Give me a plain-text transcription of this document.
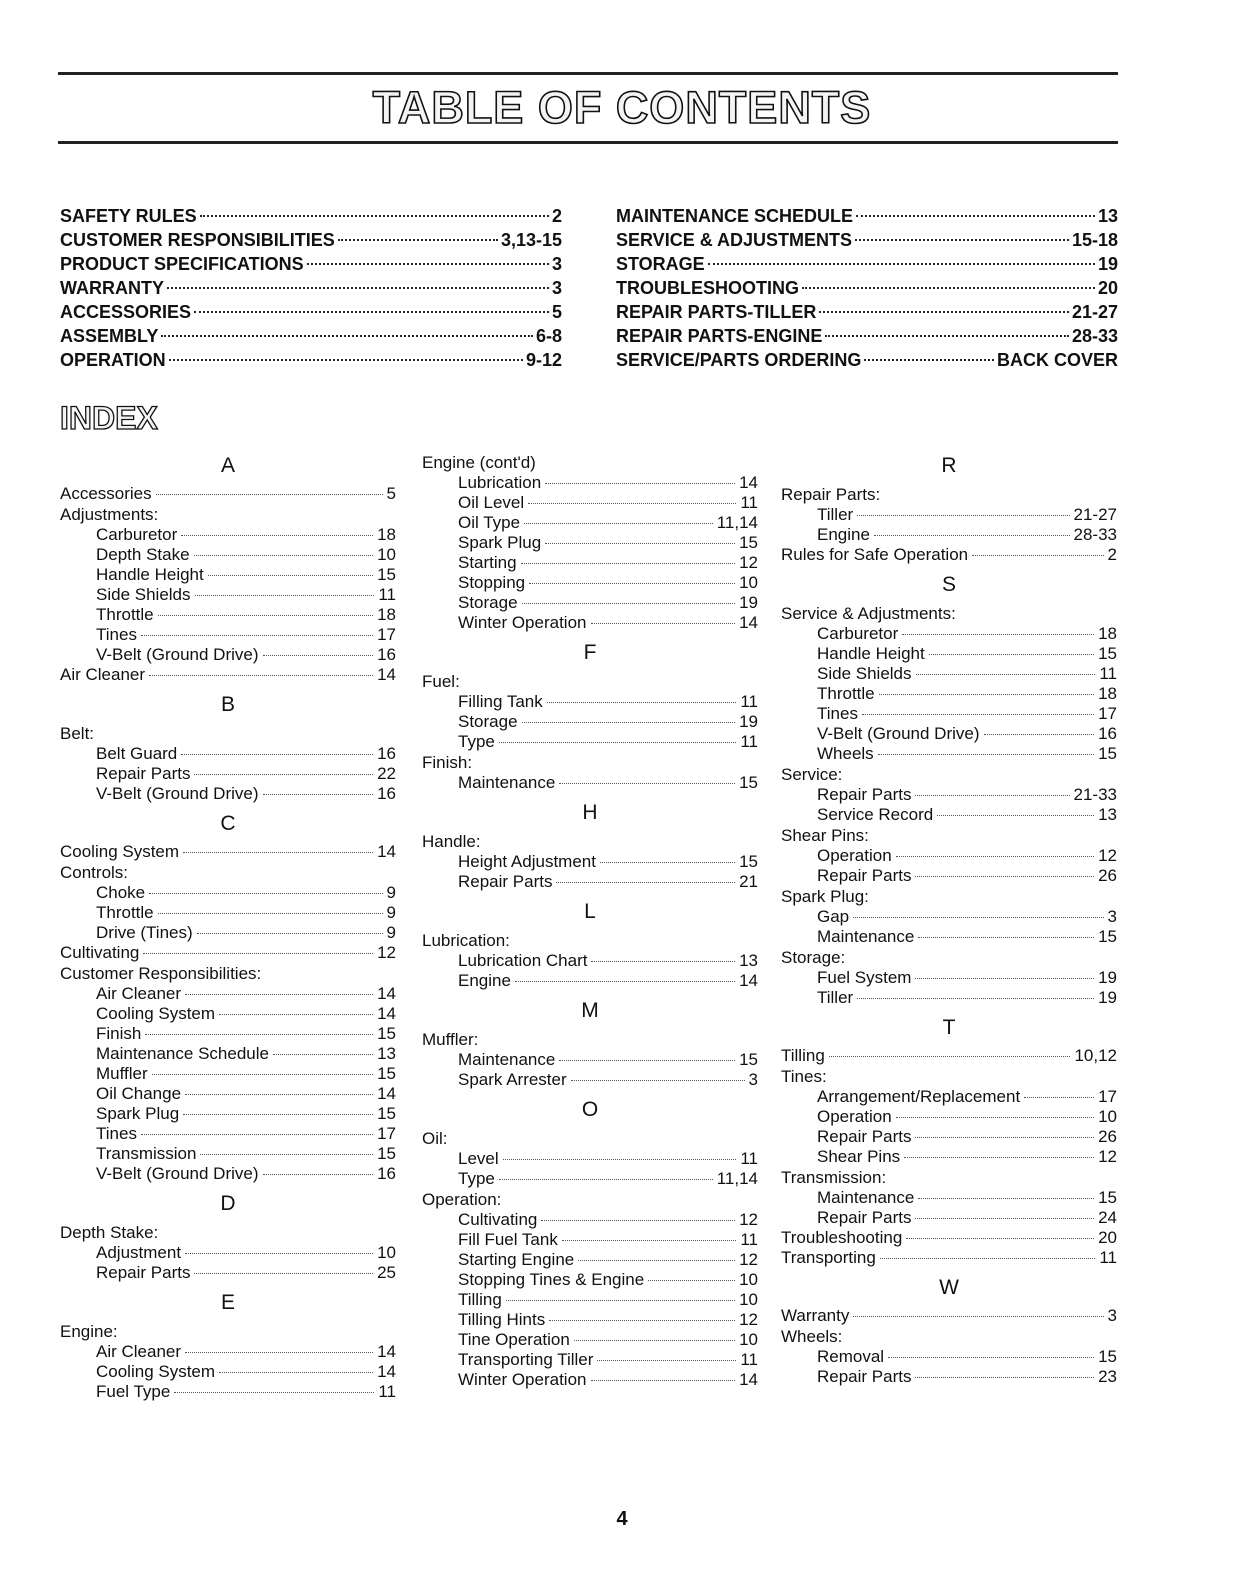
TABLE OF CONTENTS
SAFETY RULES	2
CUSTOMER RESPONSIBILITIES	3,13-15
PRODUCT SPECIFICATIONS	3
WARRANTY	3
ACCESSORIES	5
ASSEMBLY	6-8
OPERATION	9-12
MAINTENANCE SCHEDULE	13
SERVICE & ADJUSTMENTS	15-18
STORAGE	19
TROUBLESHOOTING	20
REPAIR PARTS-TILLER	21-27
REPAIR PARTS-ENGINE	28-33
SERVICE/PARTS ORDERING	BACK COVER
INDEX
A
Accessories	5
Adjustments:
Carburetor	18
Depth Stake	10
Handle Height	15
Side Shields	11
Throttle	18
Tines	17
V-Belt (Ground Drive)	16
Air Cleaner	14
B
Belt:
Belt Guard	16
Repair Parts	22
V-Belt (Ground Drive)	16
C
Cooling System	14
Controls:
Choke	9
Throttle	9
Drive (Tines)	9
Cultivating	12
Customer Responsibilities:
Air Cleaner	14
Cooling System	14
Finish	15
Maintenance Schedule	13
Muffler	15
Oil Change	14
Spark Plug	15
Tines	17
Transmission	15
V-Belt (Ground Drive)	16
D
Depth Stake:
Adjustment	10
Repair Parts	25
E
Engine:
Air Cleaner	14
Cooling System	14
Fuel Type	11
Engine (cont'd)
Lubrication	14
Oil Level	11
Oil Type	11,14
Spark Plug	15
Starting	12
Stopping	10
Storage	19
Winter Operation	14
F
Fuel:
Filling Tank	11
Storage	19
Type	11
Finish:
Maintenance	15
H
Handle:
Height Adjustment	15
Repair Parts	21
L
Lubrication:
Lubrication Chart	13
Engine	14
M
Muffler:
Maintenance	15
Spark Arrester	3
O
Oil:
Level	11
Type	11,14
Operation:
Cultivating	12
Fill Fuel Tank	11
Starting Engine	12
Stopping Tines & Engine	10
Tilling	10
Tilling Hints	12
Tine Operation	10
Transporting Tiller	11
Winter Operation	14
R
Repair Parts:
Tiller	21-27
Engine	28-33
Rules for Safe Operation	2
S
Service & Adjustments:
Carburetor	18
Handle Height	15
Side Shields	11
Throttle	18
Tines	17
V-Belt (Ground Drive)	16
Wheels	15
Service:
Repair Parts	21-33
Service Record	13
Shear Pins:
Operation	12
Repair Parts	26
Spark Plug:
Gap	3
Maintenance	15
Storage:
Fuel System	19
Tiller	19
T
Tilling	10,12
Tines:
Arrangement/Replacement	17
Operation	10
Repair Parts	26
Shear Pins	12
Transmission:
Maintenance	15
Repair Parts	24
Troubleshooting	20
Transporting	11
W
Warranty	3
Wheels:
Removal	15
Repair Parts	23
4
